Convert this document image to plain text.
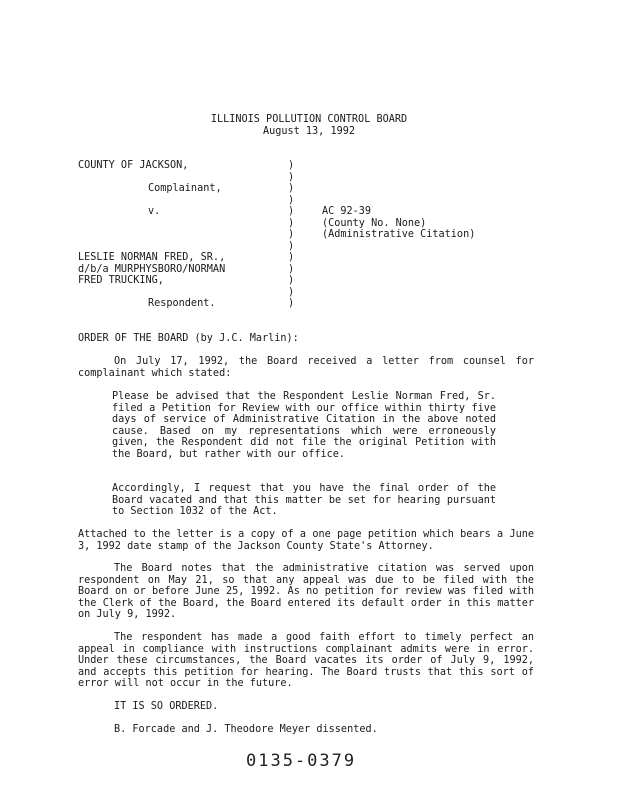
ILLINOIS POLLUTION CONTROL BOARD
August 13, 1992
COUNTY OF JACKSON,
Complainant,
v.
LESLIE NORMAN FRED, SR.,
d/b/a MURPHYSBORO/NORMAN
FRED TRUCKING,
Respondent.
)
)
)
)
)
)
)
)
)
)
)
)
)
AC 92-39
(County No. None)
(Administrative Citation)
ORDER OF THE BOARD (by J.C. Marlin):
On July 17, 1992, the Board received a letter from counsel for complainant which stated:
Please be advised that the Respondent Leslie Norman Fred, Sr. filed a Petition for Review with our office within thirty five days of service of Administrative Citation in the above noted cause. Based on my representations which were erroneously given, the Respondent did not file the original Petition with the Board, but rather with our office.
Accordingly, I request that you have the final order of the Board vacated and that this matter be set for hearing pursuant to Section 1032 of the Act.
Attached to the letter is a copy of a one page petition which bears a June 3, 1992 date stamp of the Jackson County State's Attorney.
The Board notes that the administrative citation was served upon respondent on May 21, so that any appeal was due to be filed with the Board on or before June 25, 1992. As no petition for review was filed with the Clerk of the Board, the Board entered its default order in this matter on July 9, 1992.
The respondent has made a good faith effort to timely perfect an appeal in compliance with instructions complainant admits were in error. Under these circumstances, the Board vacates its order of July 9, 1992, and accepts this petition for hearing. The Board trusts that this sort of error will not occur in the future.
IT IS SO ORDERED.
B. Forcade and J. Theodore Meyer dissented.
0135-0379
